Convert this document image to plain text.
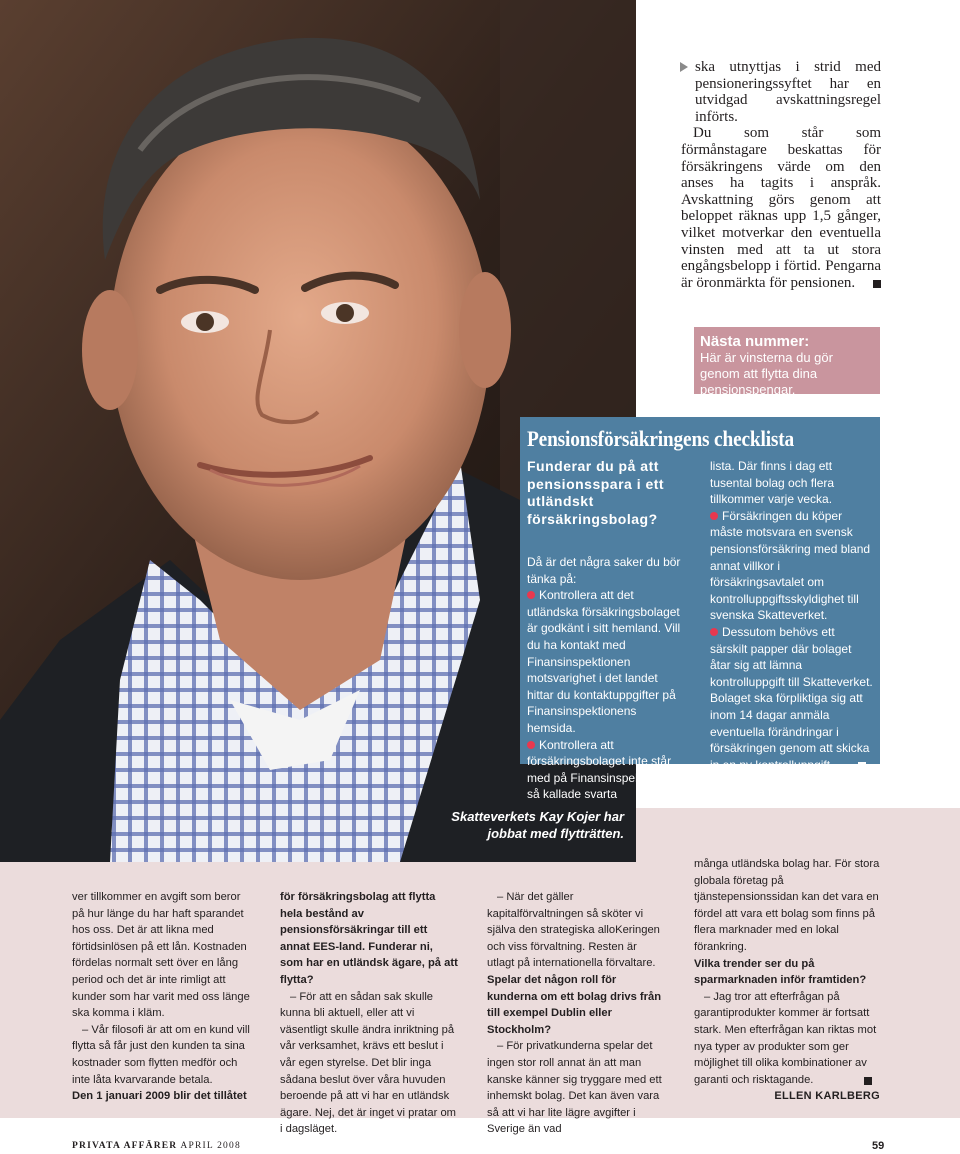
Skatteverkets Kay Kojer har jobbat med flytträtten.

ska utnyttjas i strid med pensioneringssyftet har en utvidgad avskattningsregel införts.

Du som står som förmånstagare beskattas för försäkringens värde om den anses ha tagits i anspråk. Avskattning görs genom att beloppet räknas upp 1,5 gånger, vilket motverkar den eventuella vinsten med att ta ut stora engångsbelopp i förtid. Pengarna är öronmärkta för pensionen.

Nästa nummer:
Här är vinsterna du gör genom att flytta dina pensionspengar.
Pensionsförsäkringens checklista
Funderar du på att pensionsspara i ett utländskt försäkringsbolag?

Då är det några saker du bör tänka på:

Kontrollera att det utländska försäkringsbolaget är godkänt i sitt hemland. Vill du ha kontakt med Finansinspektionen motsvarighet i det landet hittar du kontaktuppgifter på Finansinspektionens hemsida.

Kontrollera att försäkringsbolaget inte står med på Finansinspektionens så kallade svarta

lista. Där finns i dag ett tusental bolag och flera tillkommer varje vecka.

Försäkringen du köper måste motsvara en svensk pensionsförsäkring med bland annat villkor i försäkringsavtalet om kontrolluppgiftsskyldighet till svenska Skatteverket.

Dessutom behövs ett särskilt papper där bolaget åtar sig att lämna kontrolluppgift till Skatteverket. Bolaget ska förpliktiga sig att inom 14 dagar anmäla eventuella förändringar i försäkringen genom att skicka in en ny kontrolluppgift.

ANNIKA CREUTZER

ver tillkommer en avgift som beror på hur länge du har haft sparandet hos oss. Det är att likna med förtidsinlösen på ett lån. Kostnaden fördelas normalt sett över en lång period och det är inte rimligt att kunder som har varit med oss länge ska komma i kläm.

– Vår filosofi är att om en kund vill flytta så får just den kunden ta sina kostnader som flytten medför och inte låta kvarvarande betala.

Den 1 januari 2009 blir det tillåtet

för försäkringsbolag att flytta hela bestånd av pensionsförsäkringar till ett annat EES-land. Funderar ni, som har en utländsk ägare, på att flytta?

– För att en sådan sak skulle kunna bli aktuell, eller att vi väsentligt skulle ändra inriktning på vår verksamhet, krävs ett beslut i vår egen styrelse. Det blir inga sådana beslut över våra huvuden beroende på att vi har en utländsk ägare. Nej, det är inget vi pratar om i dagsläget.

– När det gäller kapitalförvaltningen så sköter vi själva den strategiska alloKeringen och viss förvaltning. Resten är utlagt på internationella förvaltare.

Spelar det någon roll för kunderna om ett bolag drivs från till exempel Dublin eller Stockholm?

– För privatkunderna spelar det ingen stor roll annat än att man kanske känner sig tryggare med ett inhemskt bolag. Det kan även vara så att vi har lite lägre avgifter i Sverige än vad

många utländska bolag har. För stora globala företag på tjänstepensionssidan kan det vara en fördel att vara ett bolag som finns på flera marknader med en lokal förankring.

Vilka trender ser du på sparmarknaden inför framtiden?

– Jag tror att efterfrågan på garantiprodukter kommer är fortsatt stark. Men efterfrågan kan riktas mot nya typer av produkter som ger möjlighet till olika kombinationer av garanti och risktagande.

ELLEN KARLBERG
PRIVATA AFFÄRER APRIL 2008	59
